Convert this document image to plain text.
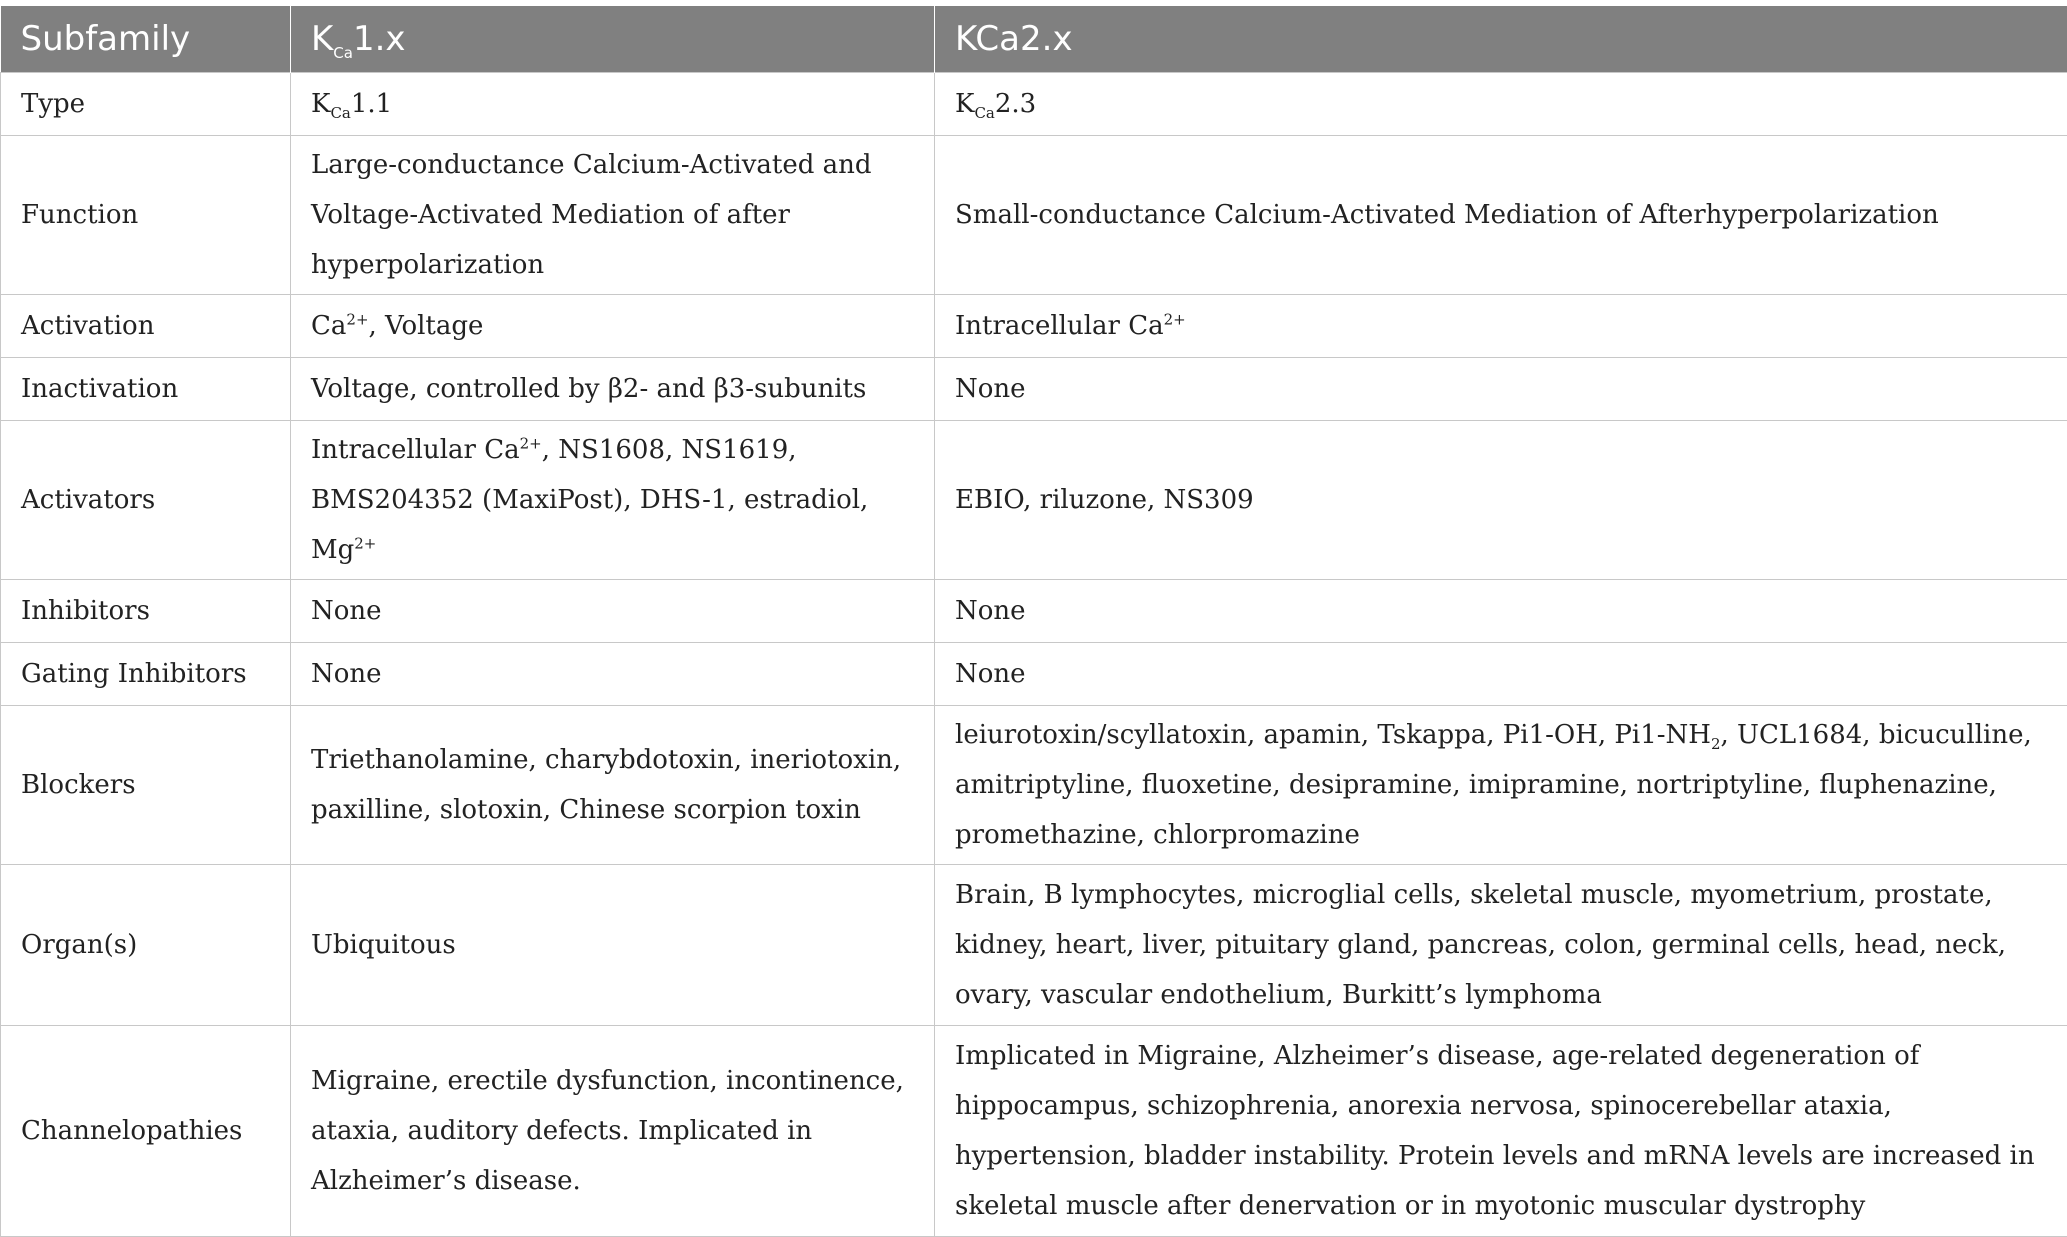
Subfamily	$K_{Ca}1.x$	KCa2.x
Type	$K_{Ca}1.1$	$K_{Ca}2.3$
Function	Large-conductance Calcium-Activated and Voltage-Activated Mediation of after hyperpolarization	Small-conductance Calcium-Activated Mediation of Afterhyperpolarization
Activation	$Ca^{2+}$, Voltage	Intracellular $Ca^{2+}$
Inactivation	Voltage, controlled by β2- and β3-subunits	None
Activators	Intracellular $Ca^{2+}$, NS1608, NS1619, BMS204352 (MaxiPost), DHS-1, estradiol, $Mg^{2+}$	EBIO, riluzone, NS309
Inhibitors	None	None
Gating Inhibitors	None	None
Blockers	Triethanolamine, charybdotoxin, ineriotoxin, paxilline, slotoxin, Chinese scorpion toxin	leiurotoxin/scyllatoxin, apamin, Tskappa, Pi1-OH, $Pi1-NH_2$, UCL1684, bicuculline, amitriptyline, fluoxetine, desipramine, imipramine, nortriptyline, fluphenazine, promethazine, chlorpromazine
Organ(s)	Ubiquitous	Brain, B lymphocytes, microglial cells, skeletal muscle, myometrium, prostate, kidney, heart, liver, pituitary gland, pancreas, colon, germinal cells, head, neck, ovary, vascular endothelium, Burkitt’s lymphoma
Channelopathies	Migraine, erectile dysfunction, incontinence, ataxia, auditory defects. Implicated in Alzheimer’s disease.	Implicated in Migraine, Alzheimer’s disease, age-related degeneration of hippocampus, schizophrenia, anorexia nervosa, spinocerebellar ataxia, hypertension, bladder instability. Protein levels and mRNA levels are increased in skeletal muscle after denervation or in myotonic muscular dystrophy
